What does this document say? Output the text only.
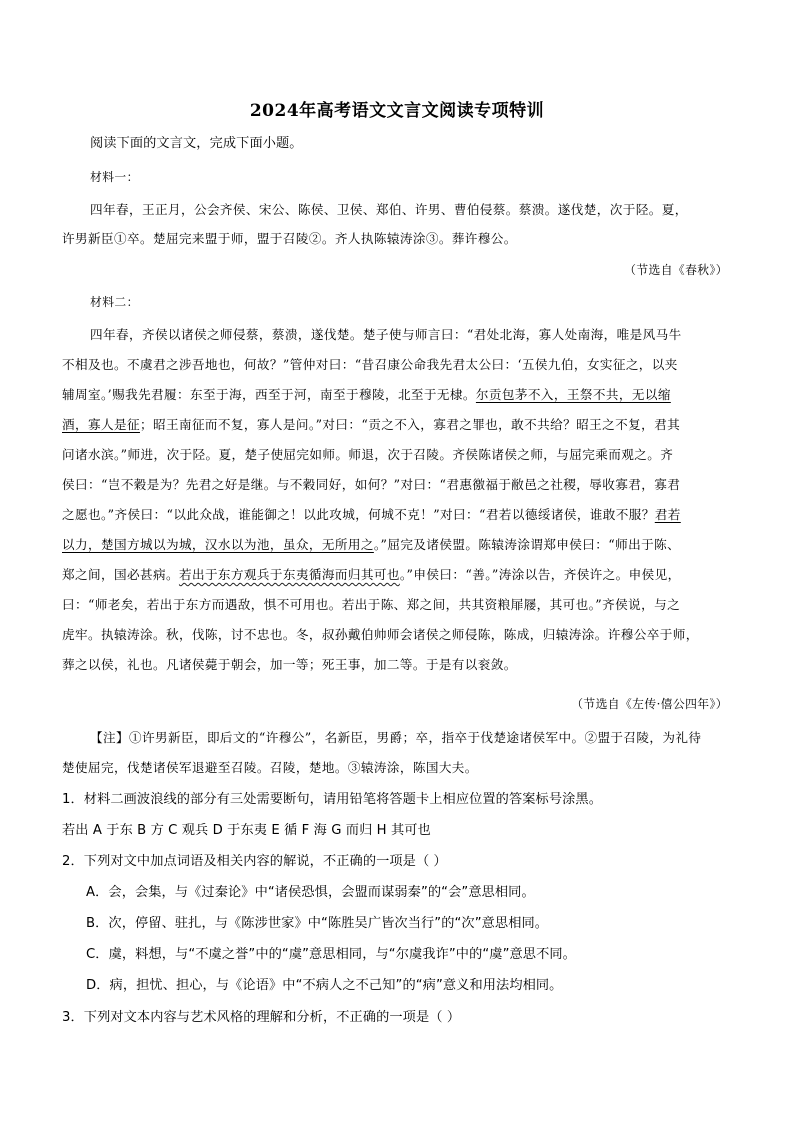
2024年高考语文文言文阅读专项特训
阅读下面的文言文，完成下面小题。
材料一：
四年春，王正月，公会齐侯、宋公、陈侯、卫侯、郑伯、许男、曹伯侵蔡。蔡溃。遂伐楚，次于陉。夏，
许男新臣①卒。楚屈完来盟于师，盟于召陵②。齐人执陈辕涛涂③。葬许穆公。
（节选自《春秋》）
材料二：
四年春，齐侯以诸侯之师侵蔡，蔡溃，遂伐楚。楚子使与师言曰：“君处北海，寡人处南海，唯是风马牛
不相及也。不虞君之涉吾地也，何故？”管仲对曰：“昔召康公命我先君太公曰：‘五侯九伯，女实征之，以夹
辅周室。’赐我先君履：东至于海，西至于河，南至于穆陵，北至于无棣。尔贡包茅不入，王祭不共，无以缩
酒，寡人是征；昭王南征而不复，寡人是问。”对曰：“贡之不入，寡君之罪也，敢不共给？昭王之不复，君其
问诸水滨。”师进，次于陉。夏，楚子使屈完如师。师退，次于召陵。齐侯陈诸侯之师，与屈完乘而观之。齐
侯曰：“岂不穀是为？先君之好是继。与不穀同好，如何？”对曰：“君惠徼福于敝邑之社稷，辱收寡君，寡君
之愿也。”齐侯曰：“以此众战，谁能御之！以此攻城，何城不克！”对曰：“君若以德绥诸侯，谁敢不服？君若
以力，楚国方城以为城，汉水以为池，虽众，无所用之。”屈完及诸侯盟。陈辕涛涂谓郑申侯曰：“师出于陈、
郑之间，国必甚病。若出于东方观兵于东夷循海而归其可也。”申侯曰：“善。”涛涂以告，齐侯许之。申侯见，
曰：“师老矣，若出于东方而遇敌，惧不可用也。若出于陈、郑之间，共其资粮屝屦，其可也。”齐侯说，与之
虎牢。执辕涛涂。秋，伐陈，讨不忠也。冬，叔孙戴伯帅师会诸侯之师侵陈，陈成，归辕涛涂。许穆公卒于师，
葬之以侯，礼也。凡诸侯薨于朝会，加一等；死王事，加二等。于是有以衮敛。
（节选自《左传·僖公四年》）
【注】①许男新臣，即后文的“许穆公”，名新臣，男爵；卒，指卒于伐楚途诸侯军中。②盟于召陵，为礼待
楚使屈完，伐楚诸侯军退避至召陵。召陵，楚地。③辕涛涂，陈国大夫。
1．材料二画波浪线的部分有三处需要断句，请用铅笔将答题卡上相应位置的答案标号涂黑。
若出 A 于东 B 方 C 观兵 D 于东夷 E 循 F 海 G 而归 H 其可也
2．下列对文中加点词语及相关内容的解说，不正确的一项是（ ）
A．会，会集，与《过秦论》中“诸侯恐惧，会盟而谋弱秦”的“会”意思相同。
B．次，停留、驻扎，与《陈涉世家》中“陈胜吴广皆次当行”的“次”意思相同。
C．虞，料想，与“不虞之誉”中的“虞”意思相同，与“尔虞我诈”中的“虞”意思不同。
D．病，担忧、担心，与《论语》中“不病人之不己知”的“病”意义和用法均相同。
3．下列对文本内容与艺术风格的理解和分析，不正确的一项是（ ）
